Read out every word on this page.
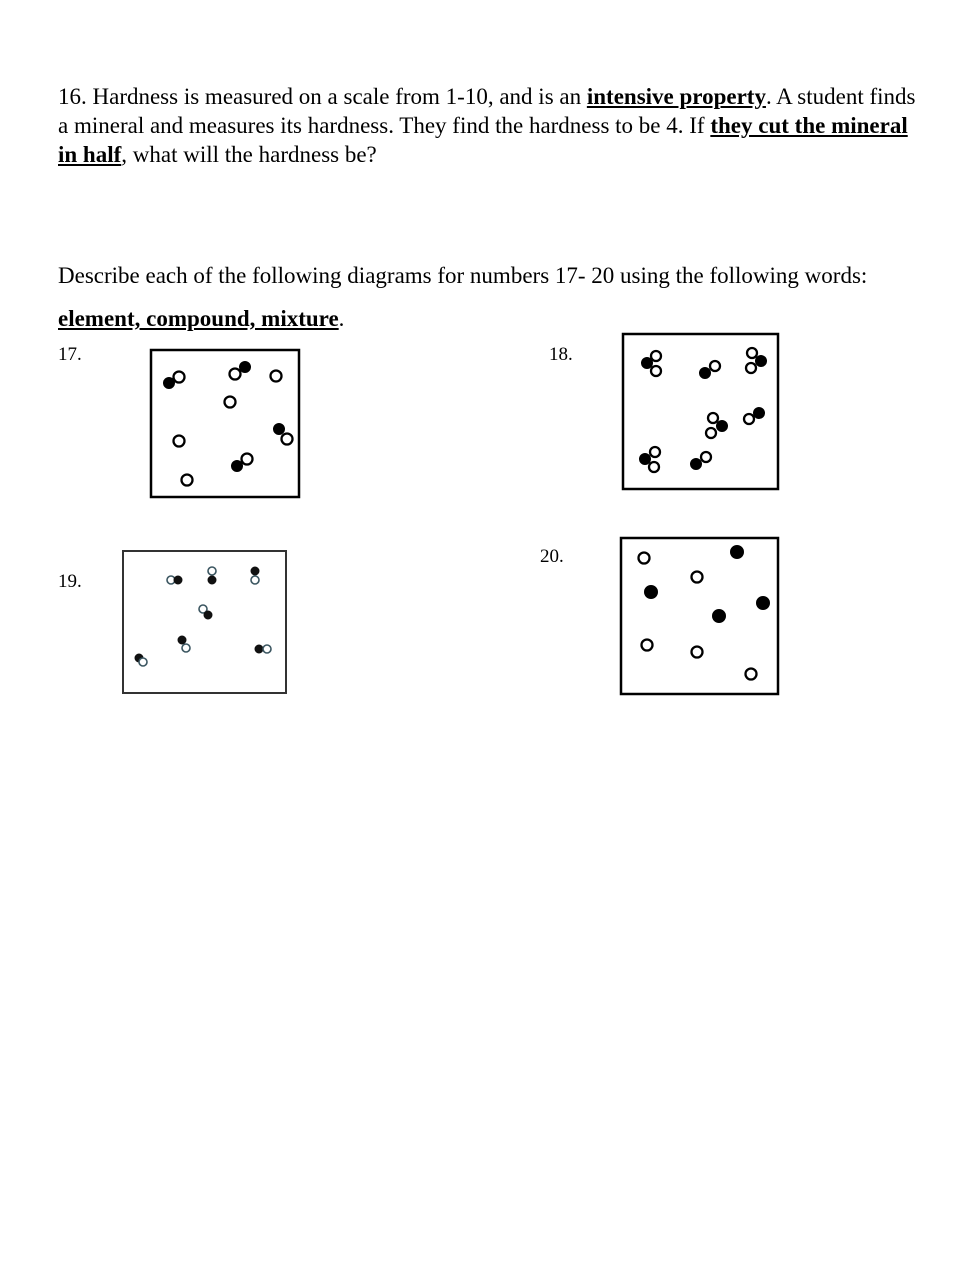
16. Hardness is measured on a scale from 1-10, and is an intensive property. A student finds a mineral and measures its hardness. They find the hardness to be 4. If they cut the mineral in half, what will the hardness be?

Describe each of the following diagrams for numbers 17- 20 using the following words: element, compound, mixture.

17.	18.
19.
20.
